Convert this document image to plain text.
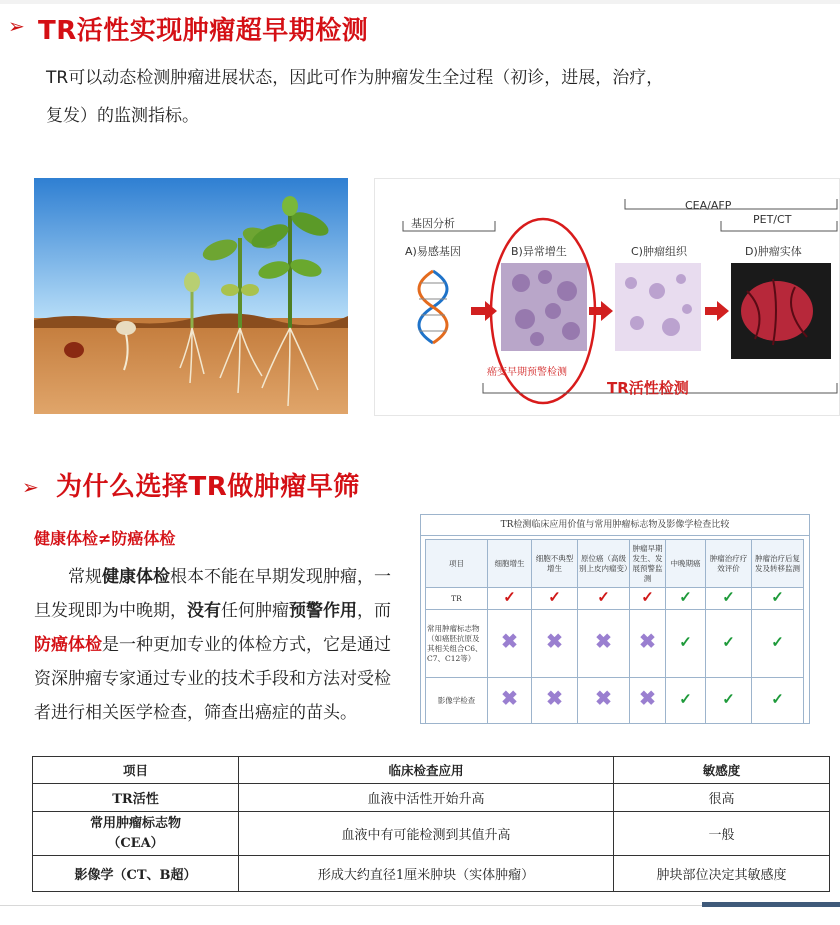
➢ TR活性实现肿瘤超早期检测
TR可以动态检测肿瘤进展状态，因此可作为肿瘤发生全过程（初诊，进展，治疗，
复发）的监测指标。
基因分析
CEA/AFP
PET/CT
A)易感基因	B)异常增生	C)肿瘤组织	D)肿瘤实体
癌变早期预警检测
TR活性检测
➢ 为什么选择TR做肿瘤早筛
健康体检≠防癌体检
常规健康体检根本不能在早期发现肿瘤，一
旦发现即为中晚期，没有任何肿瘤预警作用，而
防癌体检是一种更加专业的体检方式，它是通过
资深肿瘤专家通过专业的技术手段和方法对受检
者进行相关医学检查，筛查出癌症的苗头。
TR检测临床应用价值与常用肿瘤标志物及影像学检查比较
项目	细胞增生	细胞不典型增生	原位癌（高级别上皮内瘤变）	肿瘤早期发生、发展预警监测	中晚期癌	肿瘤治疗疗效评价	肿瘤治疗后复发及转移监测
TR	✓	✓	✓	✓	✓	✓	✓
常用肿瘤标志物（如癌胚抗原及其相关组合C6、C7、C12等）	✖	✖	✖	✖	✓	✓	✓
影像学检查	✖	✖	✖	✖	✓	✓	✓
项目	临床检查应用	敏感度
TR活性	血液中活性开始升高	很高
常用肿瘤标志物（CEA）	血液中有可能检测到其值升高	一般
影像学（CT、B超）	形成大约直径1厘米肿块（实体肿瘤）	肿块部位决定其敏感度
